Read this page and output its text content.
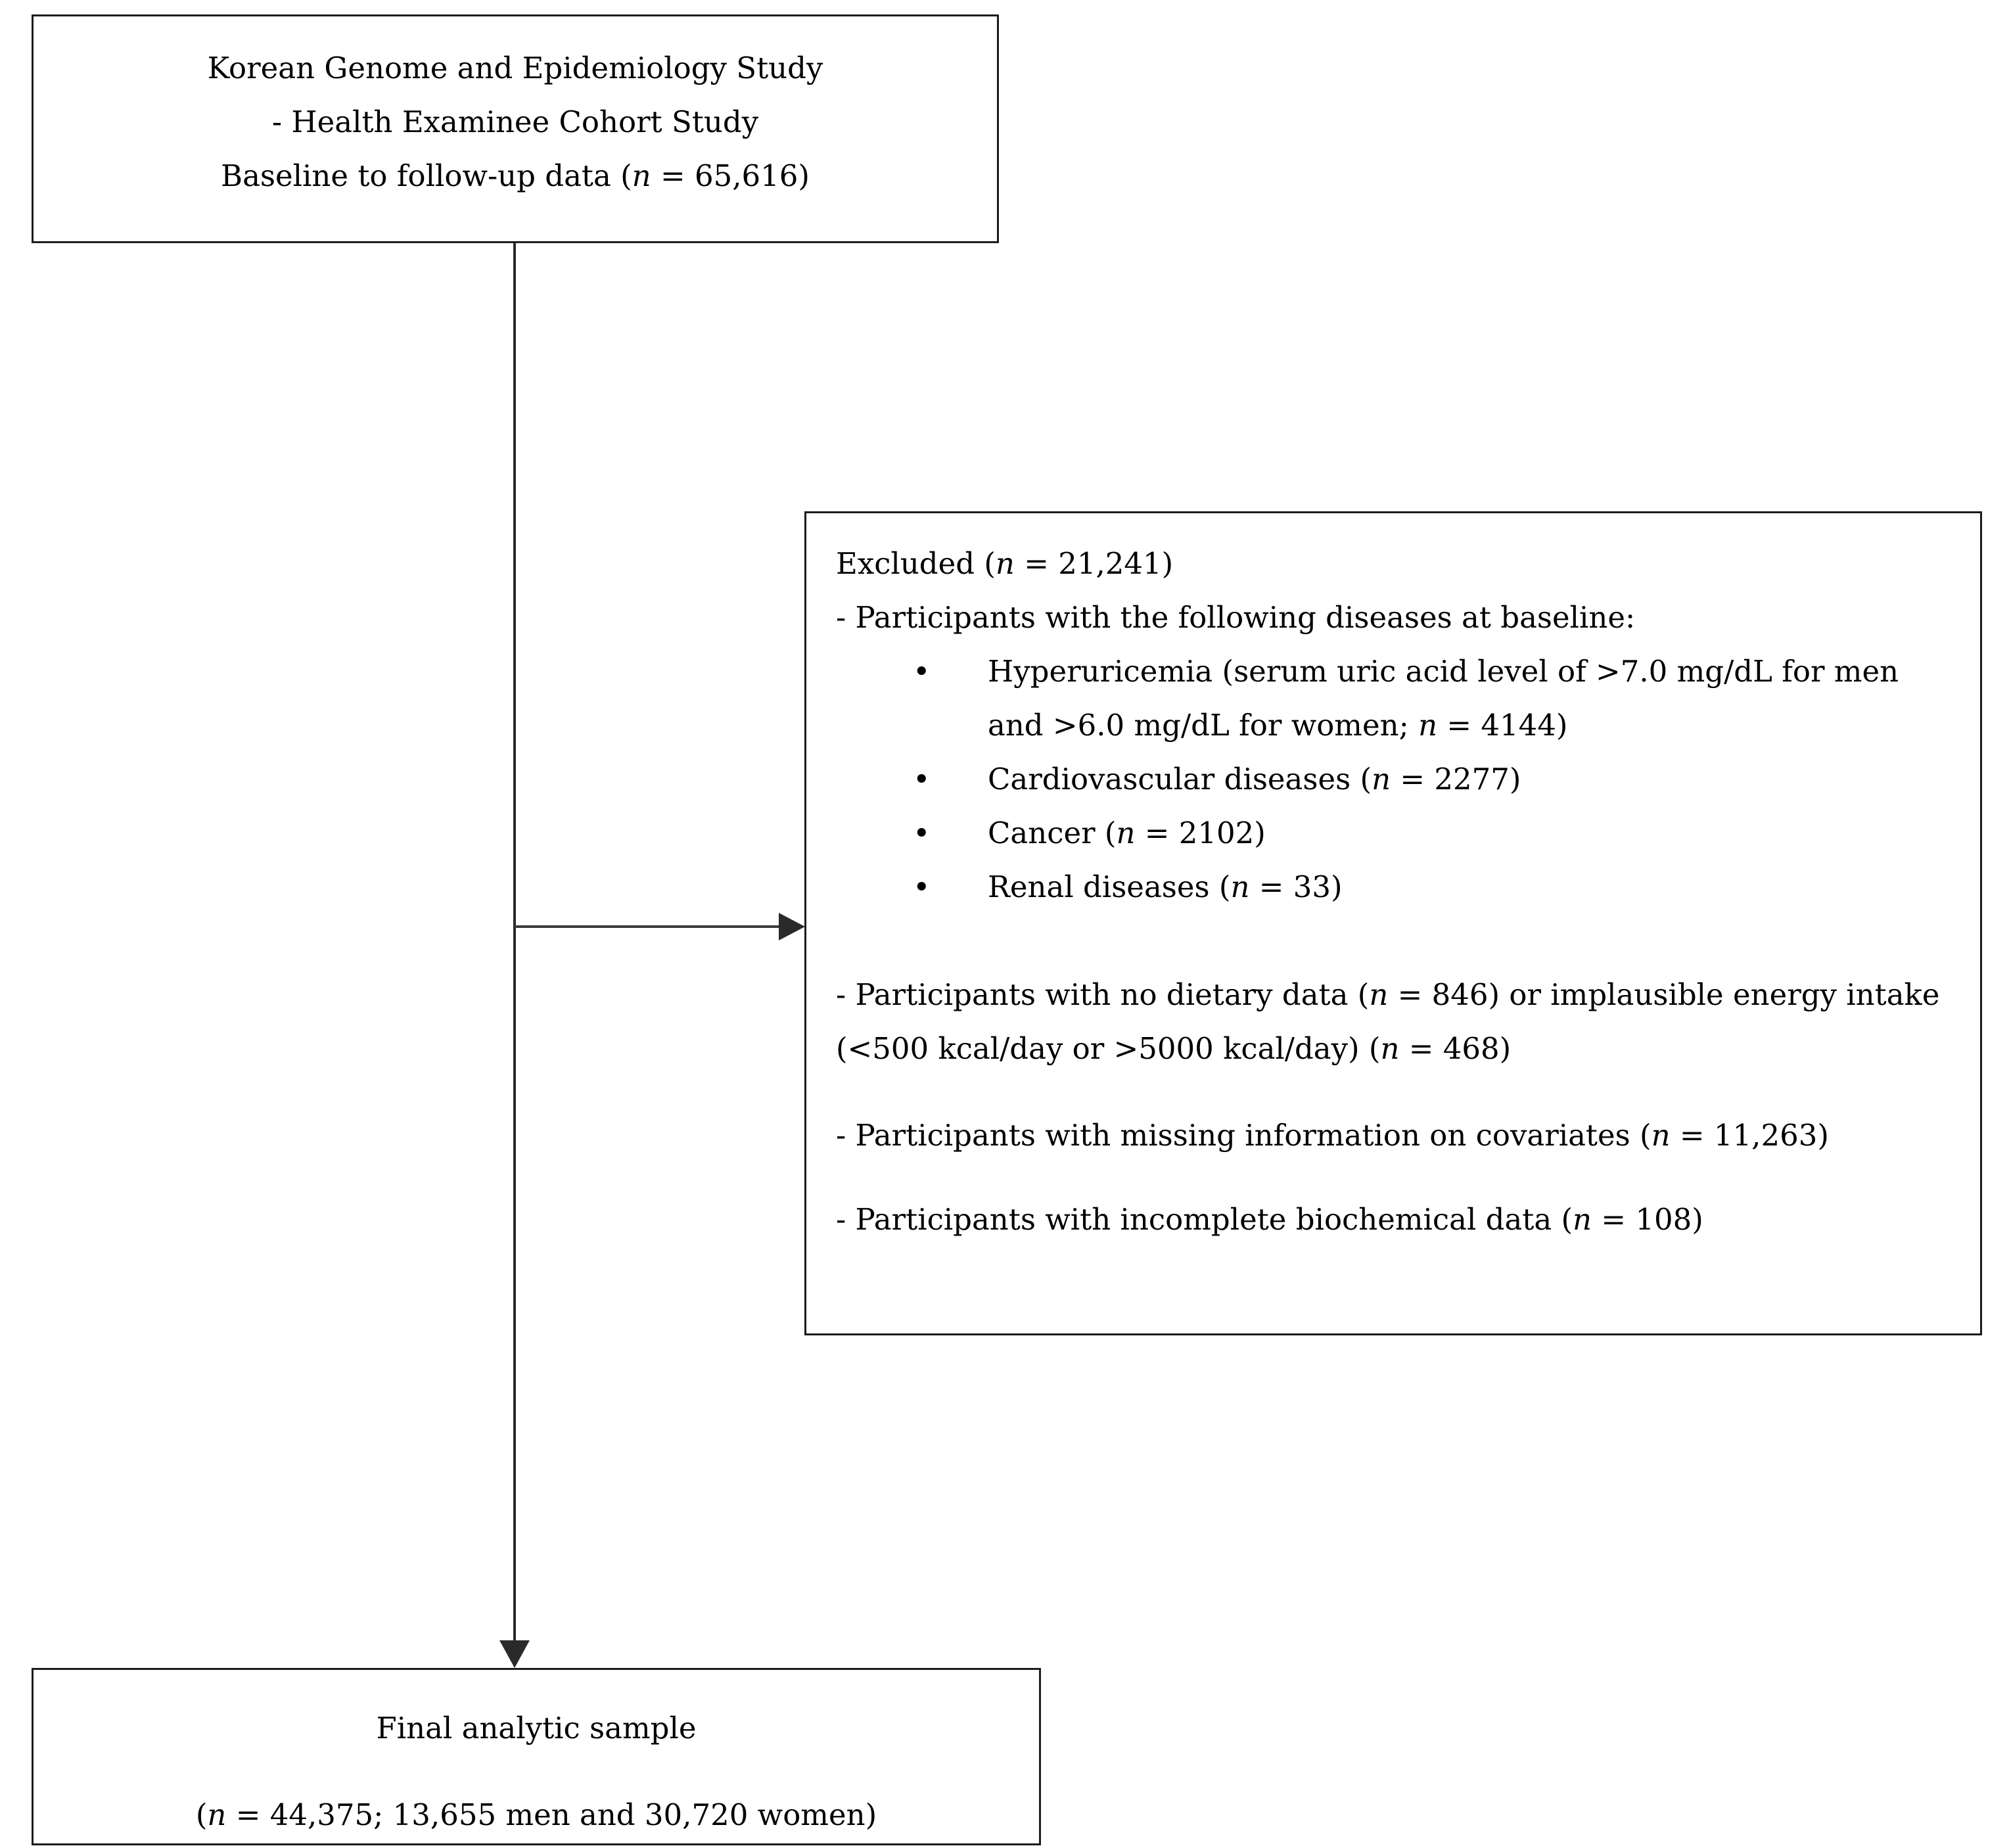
Korean Genome and Epidemiology Study
- Health Examinee Cohort Study
Baseline to follow-up data (n = 65,616)

Excluded (n = 21,241)

- Participants with the following diseases at baseline:

• Hyperuricemia (serum uric acid level of >7.0 mg/dL for men and >6.0 mg/dL for women; n = 4144)
• Cardiovascular diseases (n = 2277)
• Cancer (n = 2102)
• Renal diseases (n = 33)

- Participants with no dietary data (n = 846) or implausible energy intake (<500 kcal/day or >5000 kcal/day) (n = 468)

- Participants with missing information on covariates (n = 11,263)

- Participants with incomplete biochemical data (n = 108)

Final analytic sample
(n = 44,375; 13,655 men and 30,720 women)
